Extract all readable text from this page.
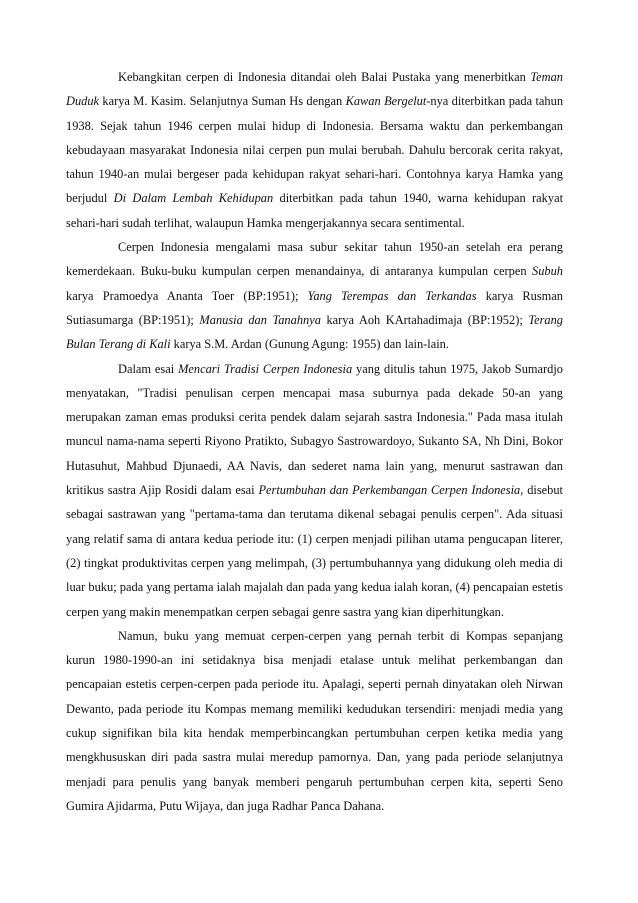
Kebangkitan cerpen di Indonesia ditandai oleh Balai Pustaka yang menerbitkan Teman Duduk karya M. Kasim. Selanjutnya Suman Hs dengan Kawan Bergelut-nya diterbitkan pada tahun 1938. Sejak tahun 1946 cerpen mulai hidup di Indonesia. Bersama waktu dan perkembangan kebudayaan masyarakat Indonesia nilai cerpen pun mulai berubah. Dahulu bercorak cerita rakyat, tahun 1940-an mulai bergeser pada kehidupan rakyat sehari-hari. Contohnya karya Hamka yang berjudul Di Dalam Lembah Kehidupan diterbitkan pada tahun 1940, warna kehidupan rakyat sehari-hari sudah terlihat, walaupun Hamka mengerjakannya secara sentimental.

Cerpen Indonesia mengalami masa subur sekitar tahun 1950-an setelah era perang kemerdekaan. Buku-buku kumpulan cerpen menandainya, di antaranya kumpulan cerpen Subuh karya Pramoedya Ananta Toer (BP:1951); Yang Terempas dan Terkandas karya Rusman Sutiasumarga (BP:1951); Manusia dan Tanahnya karya Aoh KArtahadimaja (BP:1952); Terang Bulan Terang di Kali karya S.M. Ardan (Gunung Agung: 1955) dan lain-lain.

Dalam esai Mencari Tradisi Cerpen Indonesia yang ditulis tahun 1975, Jakob Sumardjo menyatakan, "Tradisi penulisan cerpen mencapai masa suburnya pada dekade 50-an yang merupakan zaman emas produksi cerita pendek dalam sejarah sastra Indonesia." Pada masa itulah muncul nama-nama seperti Riyono Pratikto, Subagyo Sastrowardoyo, Sukanto SA, Nh Dini, Bokor Hutasuhut, Mahbud Djunaedi, AA Navis, dan sederet nama lain yang, menurut sastrawan dan kritikus sastra Ajip Rosidi dalam esai Pertumbuhan dan Perkembangan Cerpen Indonesia, disebut sebagai sastrawan yang "pertama-tama dan terutama dikenal sebagai penulis cerpen". Ada situasi yang relatif sama di antara kedua periode itu: (1) cerpen menjadi pilihan utama pengucapan literer, (2) tingkat produktivitas cerpen yang melimpah, (3) pertumbuhannya yang didukung oleh media di luar buku; pada yang pertama ialah majalah dan pada yang kedua ialah koran, (4) pencapaian estetis cerpen yang makin menempatkan cerpen sebagai genre sastra yang kian diperhitungkan.

Namun, buku yang memuat cerpen-cerpen yang pernah terbit di Kompas sepanjang kurun 1980-1990-an ini setidaknya bisa menjadi etalase untuk melihat perkembangan dan pencapaian estetis cerpen-cerpen pada periode itu. Apalagi, seperti pernah dinyatakan oleh Nirwan Dewanto, pada periode itu Kompas memang memiliki kedudukan tersendiri: menjadi media yang cukup signifikan bila kita hendak memperbincangkan pertumbuhan cerpen ketika media yang mengkhususkan diri pada sastra mulai meredup pamornya. Dan, yang pada periode selanjutnya menjadi para penulis yang banyak memberi pengaruh pertumbuhan cerpen kita, seperti Seno Gumira Ajidarma, Putu Wijaya, dan juga Radhar Panca Dahana.
